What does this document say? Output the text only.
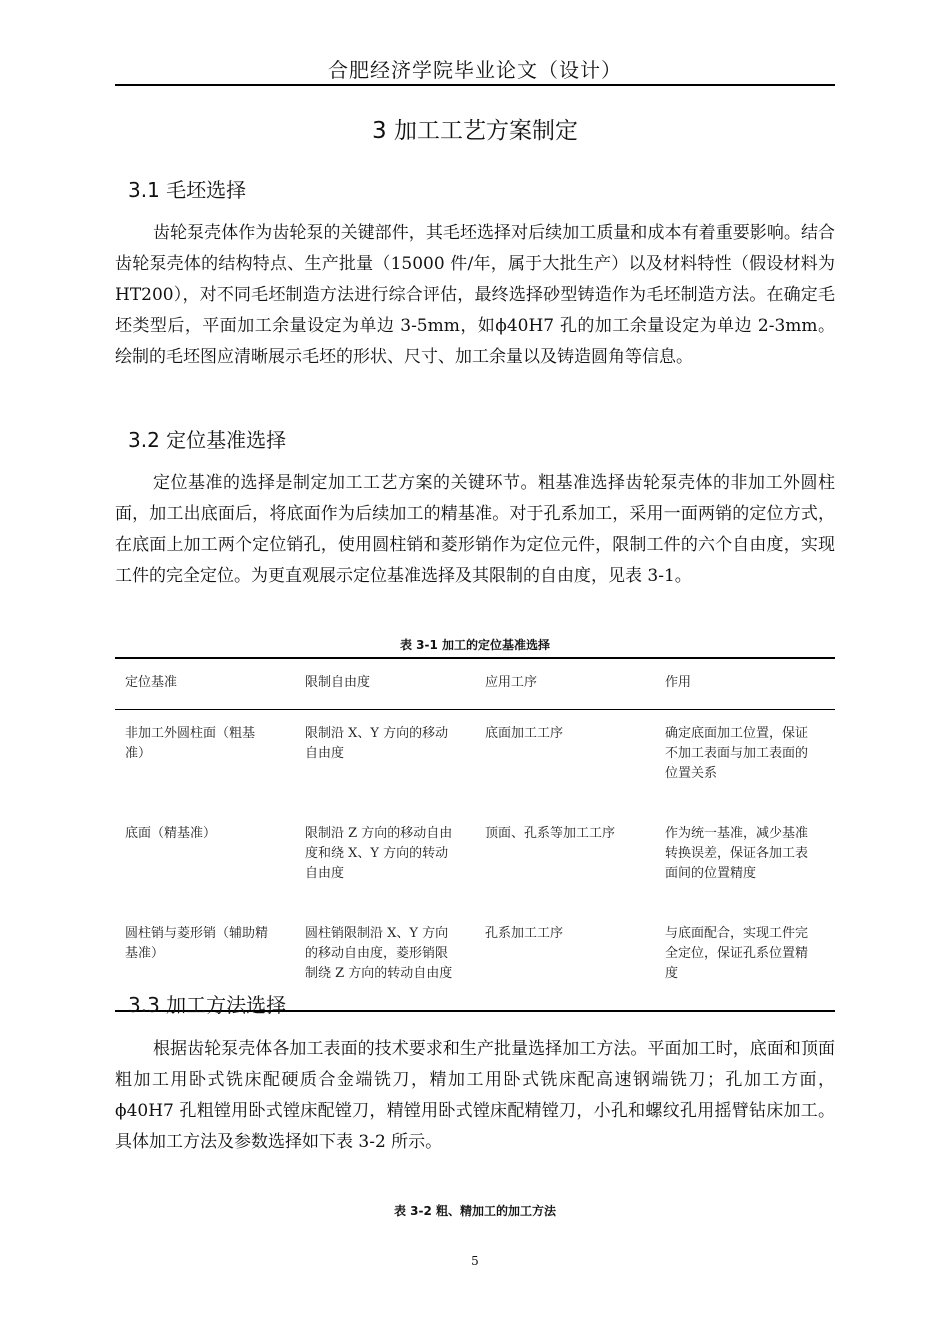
合肥经济学院毕业论文（设计）
3 加工工艺方案制定
3.1 毛坯选择
齿轮泵壳体作为齿轮泵的关键部件，其毛坯选择对后续加工质量和成本有着重要影响。结合齿轮泵壳体的结构特点、生产批量（15000 件/年，属于大批生产）以及材料特性（假设材料为 HT200），对不同毛坯制造方法进行综合评估，最终选择砂型铸造作为毛坯制造方法。在确定毛坯类型后，平面加工余量设定为单边 3-5mm，如ϕ40H7 孔的加工余量设定为单边 2-3mm。绘制的毛坯图应清晰展示毛坯的形状、尺寸、加工余量以及铸造圆角等信息。
3.2 定位基准选择
定位基准的选择是制定加工工艺方案的关键环节。粗基准选择齿轮泵壳体的非加工外圆柱面，加工出底面后，将底面作为后续加工的精基准。对于孔系加工，采用一面两销的定位方式，在底面上加工两个定位销孔，使用圆柱销和菱形销作为定位元件，限制工件的六个自由度，实现工件的完全定位。为更直观展示定位基准选择及其限制的自由度，见表 3-1。
表 3-1 加工的定位基准选择
定位基准	限制自由度	应用工序	作用
非加工外圆柱面（粗基准）	限制沿 X、Y 方向的移动自由度	底面加工工序	确定底面加工位置，保证不加工表面与加工表面的位置关系
底面（精基准）	限制沿 Z 方向的移动自由度和绕 X、Y 方向的转动自由度	顶面、孔系等加工工序	作为统一基准，减少基准转换误差，保证各加工表面间的位置精度
圆柱销与菱形销（辅助精基准）	圆柱销限制沿 X、Y 方向的移动自由度，菱形销限制绕 Z 方向的转动自由度	孔系加工工序	与底面配合，实现工件完全定位，保证孔系位置精度
3.3 加工方法选择
根据齿轮泵壳体各加工表面的技术要求和生产批量选择加工方法。平面加工时，底面和顶面粗加工用卧式铣床配硬质合金端铣刀，精加工用卧式铣床配高速钢端铣刀；孔加工方面，ϕ40H7 孔粗镗用卧式镗床配镗刀，精镗用卧式镗床配精镗刀，小孔和螺纹孔用摇臂钻床加工。具体加工方法及参数选择如下表 3-2 所示。
表 3-2 粗、精加工的加工方法
5
